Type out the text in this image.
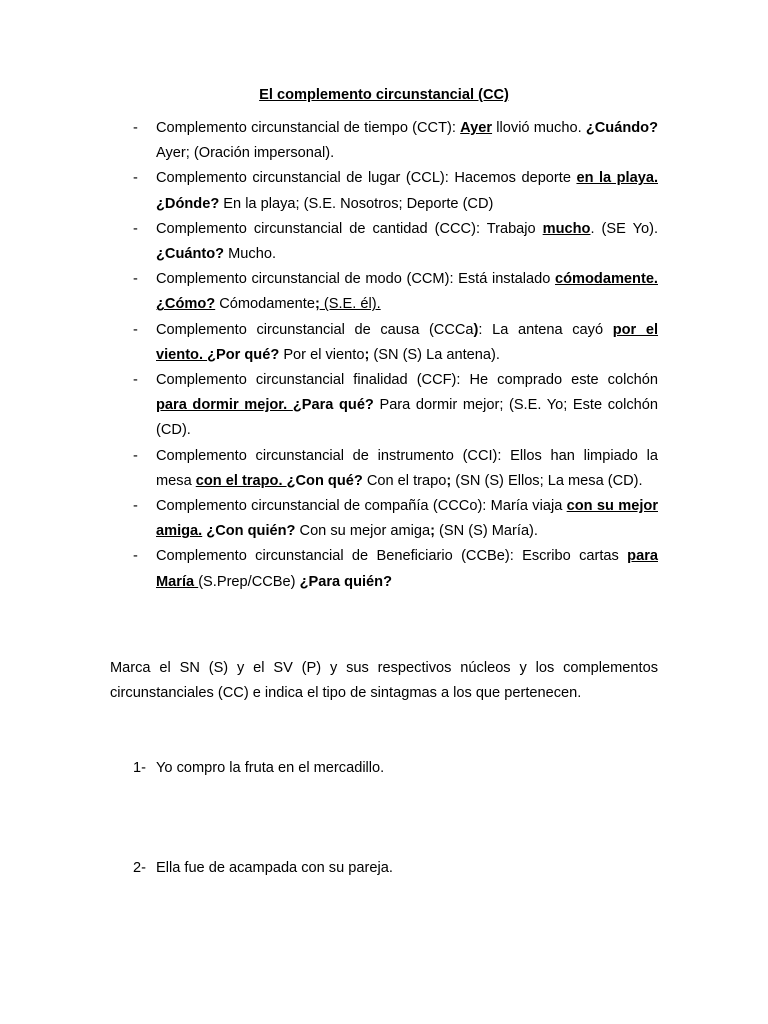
El complemento circunstancial (CC)
- Complemento circunstancial de tiempo (CCT): Ayer llovió mucho. ¿Cuándo? Ayer; (Oración impersonal).
- Complemento circunstancial de lugar (CCL): Hacemos deporte en la playa. ¿Dónde? En la playa; (S.E. Nosotros; Deporte (CD)
- Complemento circunstancial de cantidad (CCC): Trabajo mucho. (SE Yo). ¿Cuánto? Mucho.
- Complemento circunstancial de modo (CCM): Está instalado cómodamente. ¿Cómo? Cómodamente; (S.E. él).
- Complemento circunstancial de causa (CCCa): La antena cayó por el viento. ¿Por qué? Por el viento; (SN (S) La antena).
- Complemento circunstancial finalidad (CCF): He comprado este colchón para dormir mejor. ¿Para qué? Para dormir mejor; (S.E. Yo; Este colchón (CD).
- Complemento circunstancial de instrumento (CCI): Ellos han limpiado la mesa con el trapo. ¿Con qué? Con el trapo; (SN (S) Ellos; La mesa (CD).
- Complemento circunstancial de compañía (CCCo): María viaja con su mejor amiga. ¿Con quién? Con su mejor amiga; (SN (S) María).
- Complemento circunstancial de Beneficiario (CCBe): Escribo cartas para María (S.Prep/CCBe) ¿Para quién?

Marca el SN (S) y el SV (P) y sus respectivos núcleos y los complementos circunstanciales (CC) e indica el tipo de sintagmas a los que pertenecen.

1- Yo compro la fruta en el mercadillo.

2- Ella fue de acampada con su pareja.
